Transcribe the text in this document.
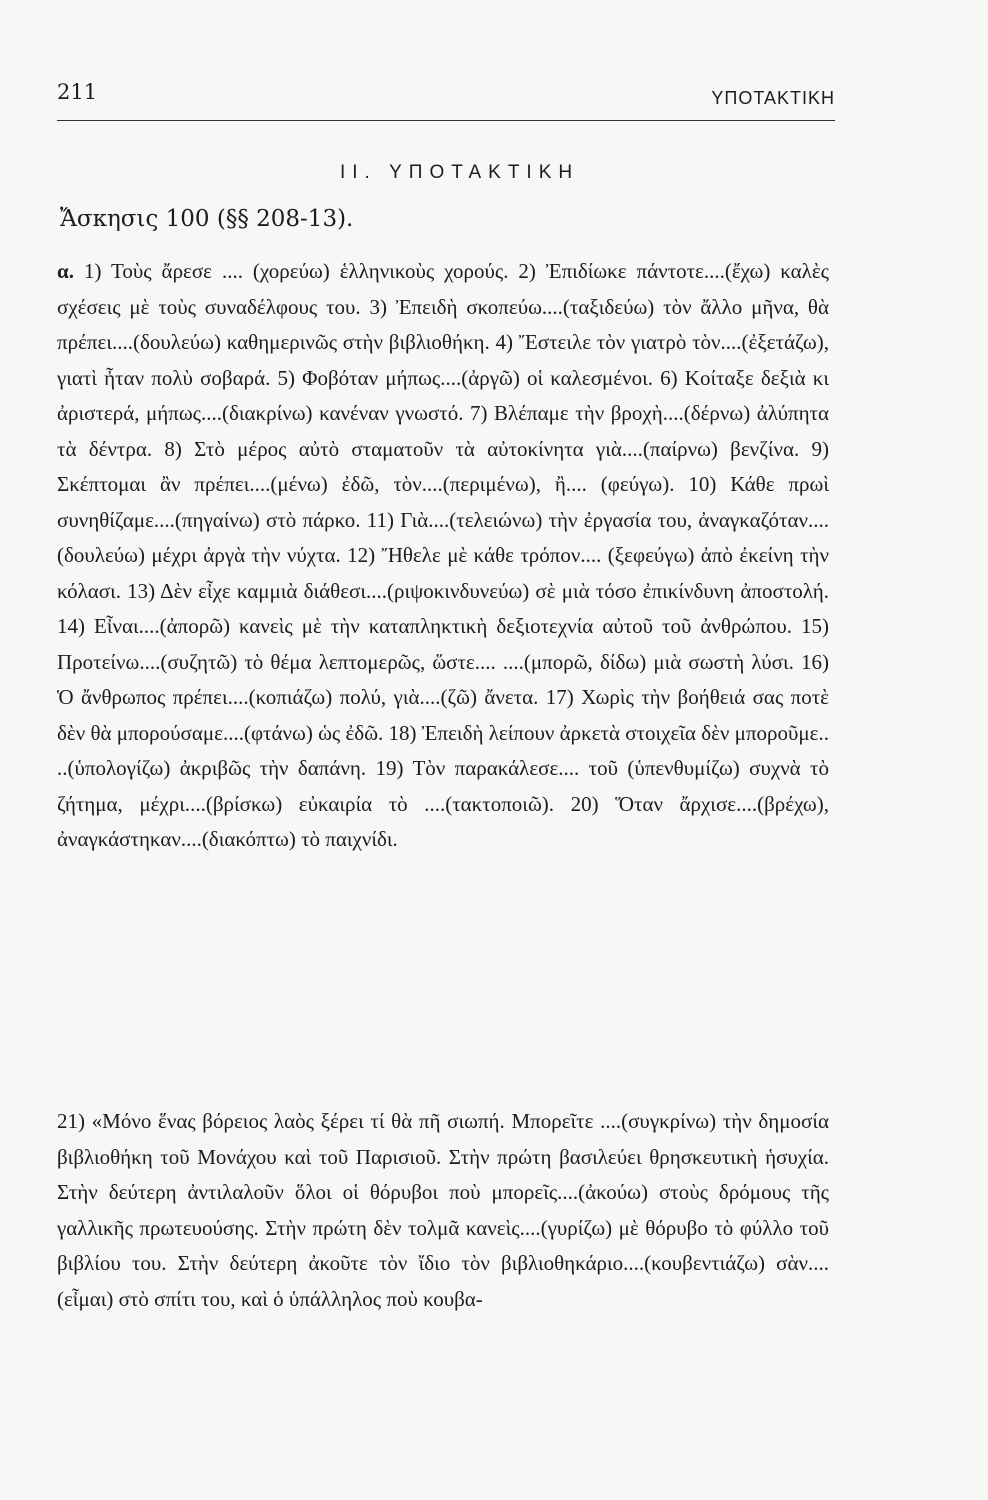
211	ΥΠΟΤΑΚΤΙΚΗ
II. ΥΠΟΤΑΚΤΙΚΗ
Ἄσκησις 100 (§§ 208-13).

α. 1) Τοὺς ἄρεσε .... (χορεύω) ἑλληνικοὺς χορούς. 2) Ἐπιδίωκε πάντοτε....(ἔχω) καλὲς σχέσεις μὲ τοὺς συναδέλφους του. 3) Ἐπειδὴ σκοπεύω....(ταξιδεύω) τὸν ἄλλο μῆνα, θὰ πρέπει....(δουλεύω) καθημερινῶς στὴν βιβλιοθήκη. 4) Ἔστειλε τὸν γιατρὸ τὸν....(ἐξετάζω), γιατὶ ἦταν πολὺ σοβαρά. 5) Φοβόταν μήπως....(ἀργῶ) οἱ καλεσμένοι. 6) Κοίταξε δεξιὰ κι ἀριστερά, μήπως....(διακρίνω) κανέναν γνωστό. 7) Βλέπαμε τὴν βροχὴ....(δέρνω) ἀλύπητα τὰ δέντρα. 8) Στὸ μέρος αὐτὸ σταματοῦν τὰ αὐτοκίνητα γιὰ....(παίρνω) βενζίνα. 9) Σκέπτομαι ἂν πρέπει....(μένω) ἐδῶ, τὸν....(περιμένω), ἢ.... (φεύγω). 10) Κάθε πρωὶ συνηθίζαμε....(πηγαίνω) στὸ πάρκο. 11) Γιὰ....(τελειώνω) τὴν ἐργασία του, ἀναγκαζόταν....(δουλεύω) μέχρι ἀργὰ τὴν νύχτα. 12) Ἤθελε μὲ κάθε τρόπον.... (ξεφεύγω) ἀπὸ ἐκείνη τὴν κόλασι. 13) Δὲν εἶχε καμμιὰ διάθεσι....(ριψοκινδυνεύω) σὲ μιὰ τόσο ἐπικίνδυνη ἀποστολή. 14) Εἶναι....(ἀπορῶ) κανεὶς μὲ τὴν καταπληκτικὴ δεξιοτεχνία αὐτοῦ τοῦ ἀνθρώπου. 15) Προτείνω....(συζητῶ) τὸ θέμα λεπτομερῶς, ὥστε.... ....(μπορῶ, δίδω) μιὰ σωστὴ λύσι. 16) Ὁ ἄνθρωπος πρέπει....(κοπιάζω) πολύ, γιὰ....(ζῶ) ἄνετα. 17) Χωρὶς τὴν βοήθειά σας ποτὲ δὲν θὰ μπορούσαμε....(φτάνω) ὡς ἐδῶ. 18) Ἐπειδὴ λείπουν ἀρκετὰ στοιχεῖα δὲν μποροῦμε.. ..(ὑπολογίζω) ἀκριβῶς τὴν δαπάνη. 19) Τὸν παρακάλεσε.... τοῦ (ὑπενθυμίζω) συχνὰ τὸ ζήτημα, μέχρι....(βρίσκω) εὐκαιρία τὸ ....(τακτοποιῶ). 20) Ὅταν ἄρχισε....(βρέχω), ἀναγκάστηκαν....(διακόπτω) τὸ παιχνίδι.

21) «Μόνο ἕνας βόρειος λαὸς ξέρει τί θὰ πῆ σιωπή. Μπορεῖτε ....(συγκρίνω) τὴν δημοσία βιβλιοθήκη τοῦ Μονάχου καὶ τοῦ Παρισιοῦ. Στὴν πρώτη βασιλεύει θρησκευτικὴ ἡσυχία. Στὴν δεύτερη ἀντιλαλοῦν ὅλοι οἱ θόρυβοι ποὺ μπορεῖς....(ἀκούω) στοὺς δρόμους τῆς γαλλικῆς πρωτευούσης. Στὴν πρώτη δὲν τολμᾶ κανεὶς....(γυρίζω) μὲ θόρυβο τὸ φύλλο τοῦ βιβλίου του. Στὴν δεύτερη ἀκοῦτε τὸν ἴδιο τὸν βιβλιοθηκάριο....(κουβεντιάζω) σὰν....(εἶμαι) στὸ σπίτι του, καὶ ὁ ὑπάλληλος ποὺ κουβα-
